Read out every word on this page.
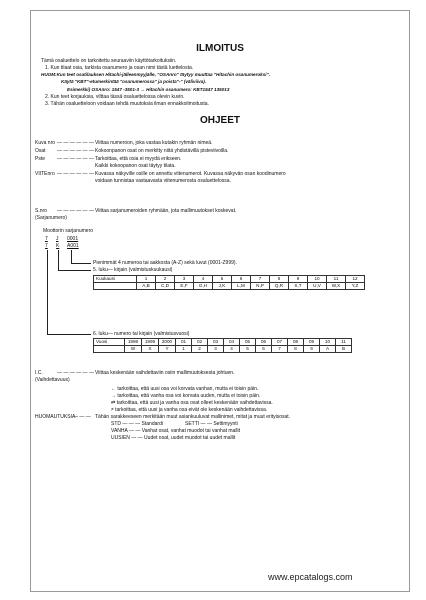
ILMOITUS
Tämä osaluettelo on tarkoitettu seuraaviin käyttötarkoituksiin.
1. Kun tilaat osia, tarkista osanumero ja osan nimi tästä luettelosta.
HUOM:Kun teet osatilauksen Hitachi-jälleenmyyjälle, "OSAnro" täytyy muuttaa "Hitachin osanumeroksi".
Käytä "KBT"-etumerkintää "osanumerossa" ja poista"-" (väliviiva).
Esimerkki) OSAnro: 1547 -3501-3 → Hitachin osanumero: KBT1547 135013
2. Kun teet korjauksia, vilttaa tässä osaluettelossa olevin kuvin.
3. Tähän osaluetteloon voidaan tehdä muutoksia ilman ennakkoilmoitusta.
OHJEET
Kuva nro — — — — — — Viittaa numeroon, joka vastaa kutakin ryhmän nimeä.
Osat — — — — — — Kokoonpanon osat on merkitty niitä yhdistävillä pisteviivoilla.
Pste — — — — — — Tarkoittaa, että osia ei myydä erikseen.
Kaikki kokoopanon osat täytyy tilata.
VIITEnro — — — — — — Kuvassa näkyville osille on annettu viitenumerot. Kuvassa näkyvän osan koodinumero
voidaan tunnistaa vastaavasta viitenumerosta osaluettelossa.
S.nro — — — — — — Viittaa sarjanumeroiden ryhmään, jota mallimuutokset koskevat.
(Sarjanumero)
Moottorin sarjanumero
7 J 0001
7 K A001
Pienimmät 4 numeroa tai aakkosta (A-Z) sekä luvut (0001-Z999).
5. luku— kirjain (valmistuskuukausi)
Kuukausi	1	2	3	4	5	6	7	8	9	10	11	12
	A,B	C,D	E,F	G,H	J,K	L,M	N,P	Q,R	S,T	U,V	W,X	Y,Z
6. luku— numero tai kirjain (valmistusvuosi)
Vuosi	1998	1999	2000	01	02	03	04	05	06	07	08	09	10	11
	W	X	Y	1	2	3	4	5	6	7	8	9	A	B
I.C.	— — — — — — Viittaa keskenään vaihdettaviin osiin mallimuutoksesta johtuen.
(Vaihdettavuus)
← tarkoittaa, että uusi osa voi korvata vanhan, mutta ei toisin päin.
→ tarkoittaa, että vanha osa voi korvata uuden, mutta ei toisin päin.
⇄ tarkoittaa, että uusi ja vanha osa ovat olleet keskenään vaihdettavissa.
≠ tarkoittaa, että uusi ja vanha osa eivät ole keskenään vaihdettavissa.
HUOMAUTUKSIA
— — — Tähän sarakkeeseen merkitään muut asiankuuluvat mallinimet, mitat ja muut erityisosat.
STD — — — Standardi	SETTI — — Settimyynti
VANHA — — Vanhat osat, vanhat muodot tai vanhat mallit
UUSIEN — — Uudet osat, uudet muodot tai uudet mallit
www.epcatalogs.com
